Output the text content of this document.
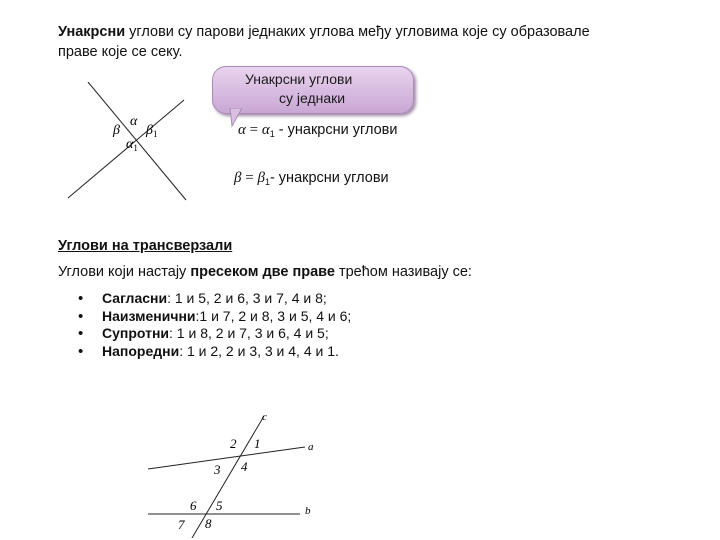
Унакрсни углови су парови једнаких углова међу угловима које су образовале
праве које се секу.
α
β $\beta_1$
$\alpha_1$
Унакрсни углови
су једнаки
$\alpha = \alpha_1$ - унакрсни углови
$\beta = \beta_1-$ унакрсни углови
Углови на трансверзали
Углови који настају пресеком две праве трећом називају се:
• Сагласни: 1 и 5, 2 и 6, 3 и 7, 4 и 8;
• Наизменични:1 и 7, 2 и 8, 3 и 5, 4 и 6;
• Супротни: 1 и 8, 2 и 7, 3 и 6, 4 и 5;
• Напоредни: 1 и 2, 2 и 3, 3 и 4, 4 и 1.
c
a
b
1
2
3 4
5
6
7 8
